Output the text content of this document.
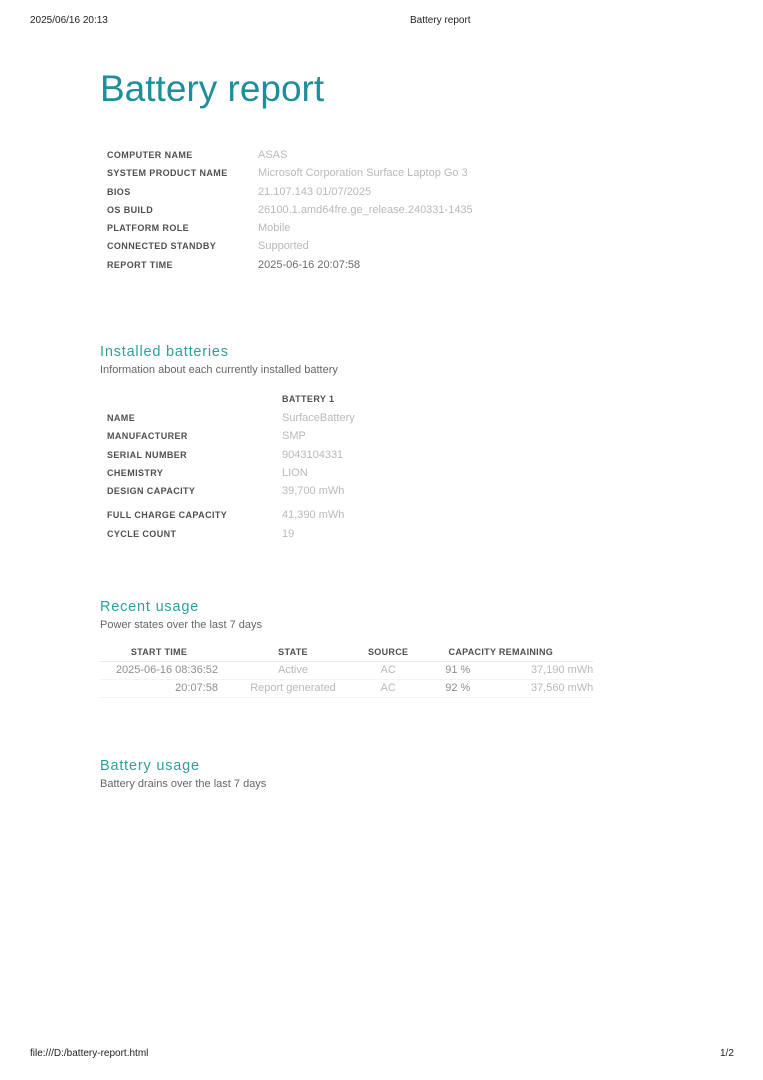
2025/06/16 20:13	Battery report
Battery report
COMPUTER NAME	ASAS
SYSTEM PRODUCT NAME	Microsoft Corporation Surface Laptop Go 3
BIOS	21.107.143 01/07/2025
OS BUILD	26100.1.amd64fre.ge_release.240331-1435
PLATFORM ROLE	Mobile
CONNECTED STANDBY	Supported
REPORT TIME	2025-06-16 20:07:58
Installed batteries
Information about each currently installed battery
BATTERY 1
NAME	SurfaceBattery
MANUFACTURER	SMP
SERIAL NUMBER	9043104331
CHEMISTRY	LION
DESIGN CAPACITY	39,700 mWh
FULL CHARGE CAPACITY	41,390 mWh
CYCLE COUNT	19
Recent usage
Power states over the last 7 days
START TIME	STATE	SOURCE	CAPACITY REMAINING	
2025-06-16 08:36:52	Active	AC	91 %	37,190 mWh
20:07:58	Report generated	AC	92 %	37,560 mWh
Battery usage
Battery drains over the last 7 days
file:///D:/battery-report.html	1/2
